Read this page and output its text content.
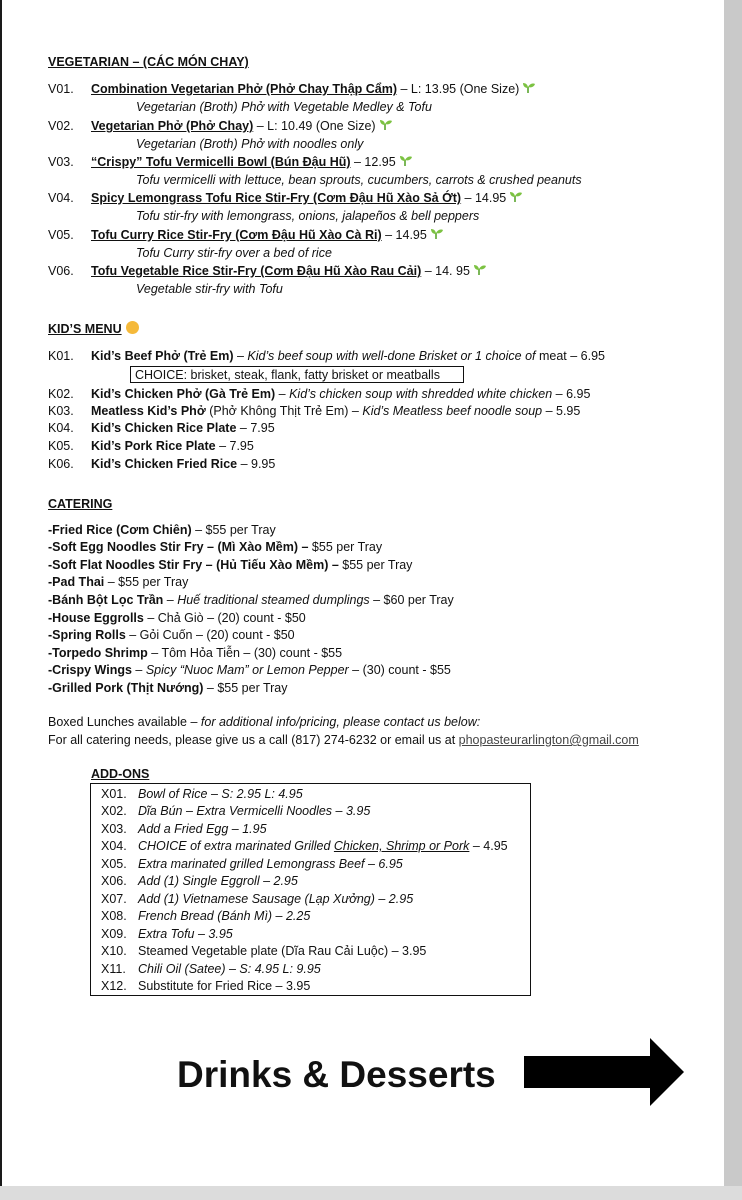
VEGETARIAN – (CÁC MÓN CHAY)
V01. Combination Vegetarian Phở (Phở Chay Thập Cẩm) – L: 13.95 (One Size)
Vegetarian (Broth) Phở with Vegetable Medley & Tofu
V02. Vegetarian Phở (Phở Chay) – L: 10.49 (One Size)
Vegetarian (Broth) Phở with noodles only
V03. “Crispy” Tofu Vermicelli Bowl (Bún Đậu Hũ) – 12.95
Tofu vermicelli with lettuce, bean sprouts, cucumbers, carrots & crushed peanuts
V04. Spicy Lemongrass Tofu Rice Stir-Fry (Cơm Đậu Hũ Xào Sả Ớt) – 14.95
Tofu stir-fry with lemongrass, onions, jalapeños & bell peppers
V05. Tofu Curry Rice Stir-Fry (Cơm Đậu Hũ Xào Cà Ri) – 14.95
Tofu Curry stir-fry over a bed of rice
V06. Tofu Vegetable Rice Stir-Fry (Cơm Đậu Hũ Xào Rau Cải) – 14. 95
Vegetable stir-fry with Tofu
KID’S MENU
K01. Kid’s Beef Phở (Trẻ Em) – Kid’s beef soup with well-done Brisket or 1 choice of meat – 6.95
CHOICE: brisket, steak, flank, fatty brisket or meatballs
K02. Kid’s Chicken Phở (Gà Trẻ Em) – Kid’s chicken soup with shredded white chicken – 6.95
K03. Meatless Kid’s Phở (Phở Không Thịt Trẻ Em) – Kid’s Meatless beef noodle soup – 5.95
K04. Kid’s Chicken Rice Plate – 7.95
K05. Kid’s Pork Rice Plate – 7.95
K06. Kid’s Chicken Fried Rice – 9.95
CATERING
-Fried Rice (Cơm Chiên) – $55 per Tray
-Soft Egg Noodles Stir Fry – (Mì Xào Mềm) – $55 per Tray
-Soft Flat Noodles Stir Fry – (Hủ Tiếu Xào Mềm) – $55 per Tray
-Pad Thai – $55 per Tray
-Bánh Bột Lọc Trần – Huế traditional steamed dumplings – $60 per Tray
-House Eggrolls – Chả Giò – (20) count - $50
-Spring Rolls – Gỏi Cuốn – (20) count - $50
-Torpedo Shrimp – Tôm Hỏa Tiễn – (30) count - $55
-Crispy Wings – Spicy “Nuoc Mam” or Lemon Pepper – (30) count - $55
-Grilled Pork (Thịt Nướng) – $55 per Tray
Boxed Lunches available – for additional info/pricing, please contact us below:
For all catering needs, please give us a call (817) 274-6232 or email us at phopasteurarlington@gmail.com
ADD-ONS
X01. Bowl of Rice – S: 2.95 L: 4.95
X02. Dĩa Bún – Extra Vermicelli Noodles – 3.95
X03. Add a Fried Egg – 1.95
X04. CHOICE of extra marinated Grilled Chicken, Shrimp or Pork – 4.95
X05. Extra marinated grilled Lemongrass Beef – 6.95
X06. Add (1) Single Eggroll – 2.95
X07. Add (1) Vietnamese Sausage (Lạp Xưởng) – 2.95
X08. French Bread (Bánh Mì) – 2.25
X09. Extra Tofu – 3.95
X10. Steamed Vegetable plate (Dĩa Rau Cải Luộc) – 3.95
X11. Chili Oil (Satee) – S: 4.95 L: 9.95
X12. Substitute for Fried Rice – 3.95
Drinks & Desserts
